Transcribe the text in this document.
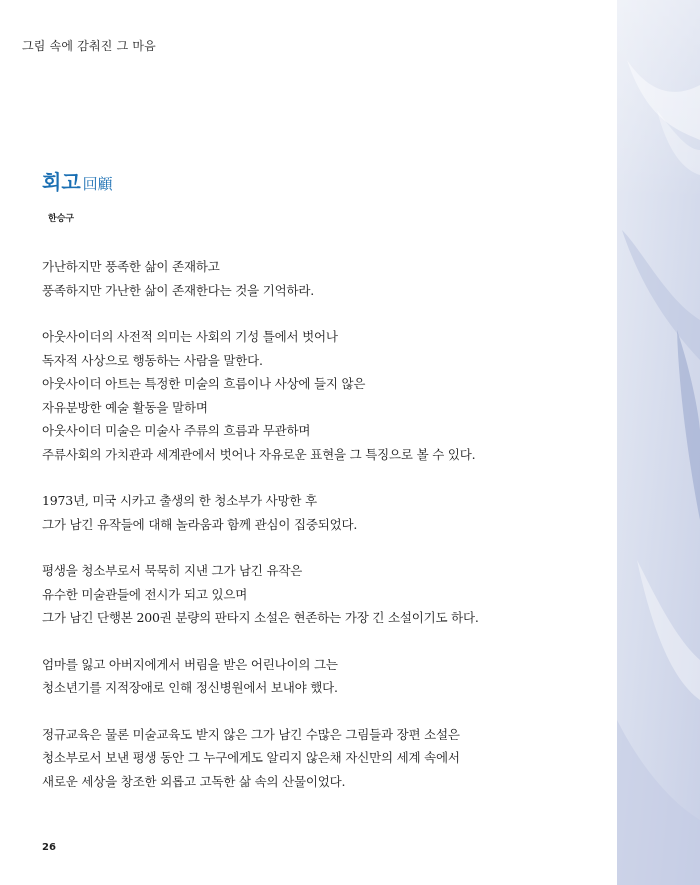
그림 속에 감춰진 그 마음
회고 回顧
한승구
가난하지만 풍족한 삶이 존재하고
풍족하지만 가난한 삶이 존재한다는 것을 기억하라.
아웃사이더의 사전적 의미는 사회의 기성 틀에서 벗어나
독자적 사상으로 행동하는 사람을 말한다.
아웃사이더 아트는 특정한 미술의 흐름이나 사상에 들지 않은
자유분방한 예술 활동을 말하며
아웃사이더 미술은 미술사 주류의 흐름과 무관하며
주류사회의 가치관과 세계관에서 벗어나 자유로운 표현을 그 특징으로 볼 수 있다.
1973년, 미국 시카고 출생의 한 청소부가 사망한 후
그가 남긴 유작들에 대해 놀라움과 함께 관심이 집중되었다.
평생을 청소부로서 묵묵히 지낸 그가 남긴 유작은
유수한 미술관들에 전시가 되고 있으며
그가 남긴 단행본 200권 분량의 판타지 소설은 현존하는 가장 긴 소설이기도 하다.
엄마를 잃고 아버지에게서 버림을 받은 어린나이의 그는
청소년기를 지적장애로 인해 정신병원에서 보내야 했다.
정규교육은 물론 미술교육도 받지 않은 그가 남긴 수많은 그림들과 장편 소설은
청소부로서 보낸 평생 동안 그 누구에게도 알리지 않은채 자신만의 세계 속에서
새로운 세상을 창조한 외롭고 고독한 삶 속의 산물이었다.
26
